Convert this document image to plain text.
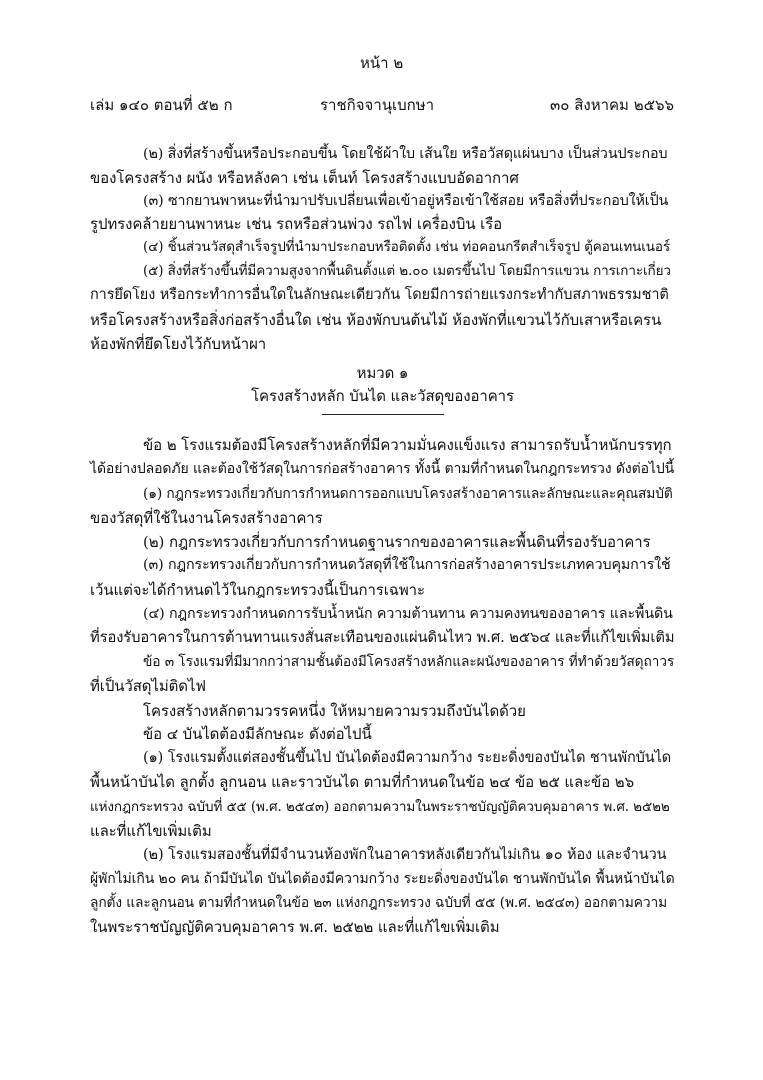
หน้า ๒
เล่ม ๑๔๐ ตอนที่ ๕๒ ก	ราชกิจจานุเบกษา	๓๐ สิงหาคม ๒๕๖๖
(๒) สิ่งที่สร้างขึ้นหรือประกอบขึ้น โดยใช้ผ้าใบ เส้นใย หรือวัสดุแผ่นบาง เป็นส่วนประกอบ
ของโครงสร้าง ผนัง หรือหลังคา เช่น เต็นท์ โครงสร้างแบบอัดอากาศ
(๓) ซากยานพาหนะที่นำมาปรับเปลี่ยนเพื่อเข้าอยู่หรือเข้าใช้สอย หรือสิ่งที่ประกอบให้เป็น
รูปทรงคล้ายยานพาหนะ เช่น รถหรือส่วนพ่วง รถไฟ เครื่องบิน เรือ
(๔) ชิ้นส่วนวัสดุสำเร็จรูปที่นำมาประกอบหรือติดตั้ง เช่น ท่อคอนกรีตสำเร็จรูป ตู้คอนเทนเนอร์
(๕) สิ่งที่สร้างขึ้นที่มีความสูงจากพื้นดินตั้งแต่ ๒.๐๐ เมตรขึ้นไป โดยมีการแขวน การเกาะเกี่ยว
การยึดโยง หรือกระทำการอื่นใดในลักษณะเดียวกัน โดยมีการถ่ายแรงกระทำกับสภาพธรรมชาติ
หรือโครงสร้างหรือสิ่งก่อสร้างอื่นใด เช่น ห้องพักบนต้นไม้ ห้องพักที่แขวนไว้กับเสาหรือเครน
ห้องพักที่ยึดโยงไว้กับหน้าผา
หมวด ๑
โครงสร้างหลัก บันได และวัสดุของอาคาร
ข้อ ๒ โรงแรมต้องมีโครงสร้างหลักที่มีความมั่นคงแข็งแรง สามารถรับน้ำหนักบรรทุก
ได้อย่างปลอดภัย และต้องใช้วัสดุในการก่อสร้างอาคาร ทั้งนี้ ตามที่กำหนดในกฎกระทรวง ดังต่อไปนี้
(๑) กฎกระทรวงเกี่ยวกับการกำหนดการออกแบบโครงสร้างอาคารและลักษณะและคุณสมบัติ
ของวัสดุที่ใช้ในงานโครงสร้างอาคาร
(๒) กฎกระทรวงเกี่ยวกับการกำหนดฐานรากของอาคารและพื้นดินที่รองรับอาคาร
(๓) กฎกระทรวงเกี่ยวกับการกำหนดวัสดุที่ใช้ในการก่อสร้างอาคารประเภทควบคุมการใช้
เว้นแต่จะได้กำหนดไว้ในกฎกระทรวงนี้เป็นการเฉพาะ
(๔) กฎกระทรวงกำหนดการรับน้ำหนัก ความต้านทาน ความคงทนของอาคาร และพื้นดิน
ที่รองรับอาคารในการต้านทานแรงสั่นสะเทือนของแผ่นดินไหว พ.ศ. ๒๕๖๔ และที่แก้ไขเพิ่มเติม
ข้อ ๓ โรงแรมที่มีมากกว่าสามชั้นต้องมีโครงสร้างหลักและผนังของอาคาร ที่ทำด้วยวัสดุถาวร
ที่เป็นวัสดุไม่ติดไฟ
โครงสร้างหลักตามวรรคหนึ่ง ให้หมายความรวมถึงบันไดด้วย
ข้อ ๔ บันไดต้องมีลักษณะ ดังต่อไปนี้
(๑) โรงแรมตั้งแต่สองชั้นขึ้นไป บันไดต้องมีความกว้าง ระยะดิ่งของบันได ชานพักบันได
พื้นหน้าบันได ลูกตั้ง ลูกนอน และราวบันได ตามที่กำหนดในข้อ ๒๔ ข้อ ๒๕ และข้อ ๒๖
แห่งกฎกระทรวง ฉบับที่ ๕๕ (พ.ศ. ๒๕๔๓) ออกตามความในพระราชบัญญัติควบคุมอาคาร พ.ศ. ๒๕๒๒
และที่แก้ไขเพิ่มเติม
(๒) โรงแรมสองชั้นที่มีจำนวนห้องพักในอาคารหลังเดียวกันไม่เกิน ๑๐ ห้อง และจำนวน
ผู้พักไม่เกิน ๒๐ คน ถ้ามีบันได บันไดต้องมีความกว้าง ระยะดิ่งของบันได ชานพักบันได พื้นหน้าบันได
ลูกตั้ง และลูกนอน ตามที่กำหนดในข้อ ๒๓ แห่งกฎกระทรวง ฉบับที่ ๕๕ (พ.ศ. ๒๕๔๓) ออกตามความ
ในพระราชบัญญัติควบคุมอาคาร พ.ศ. ๒๕๒๒ และที่แก้ไขเพิ่มเติม
